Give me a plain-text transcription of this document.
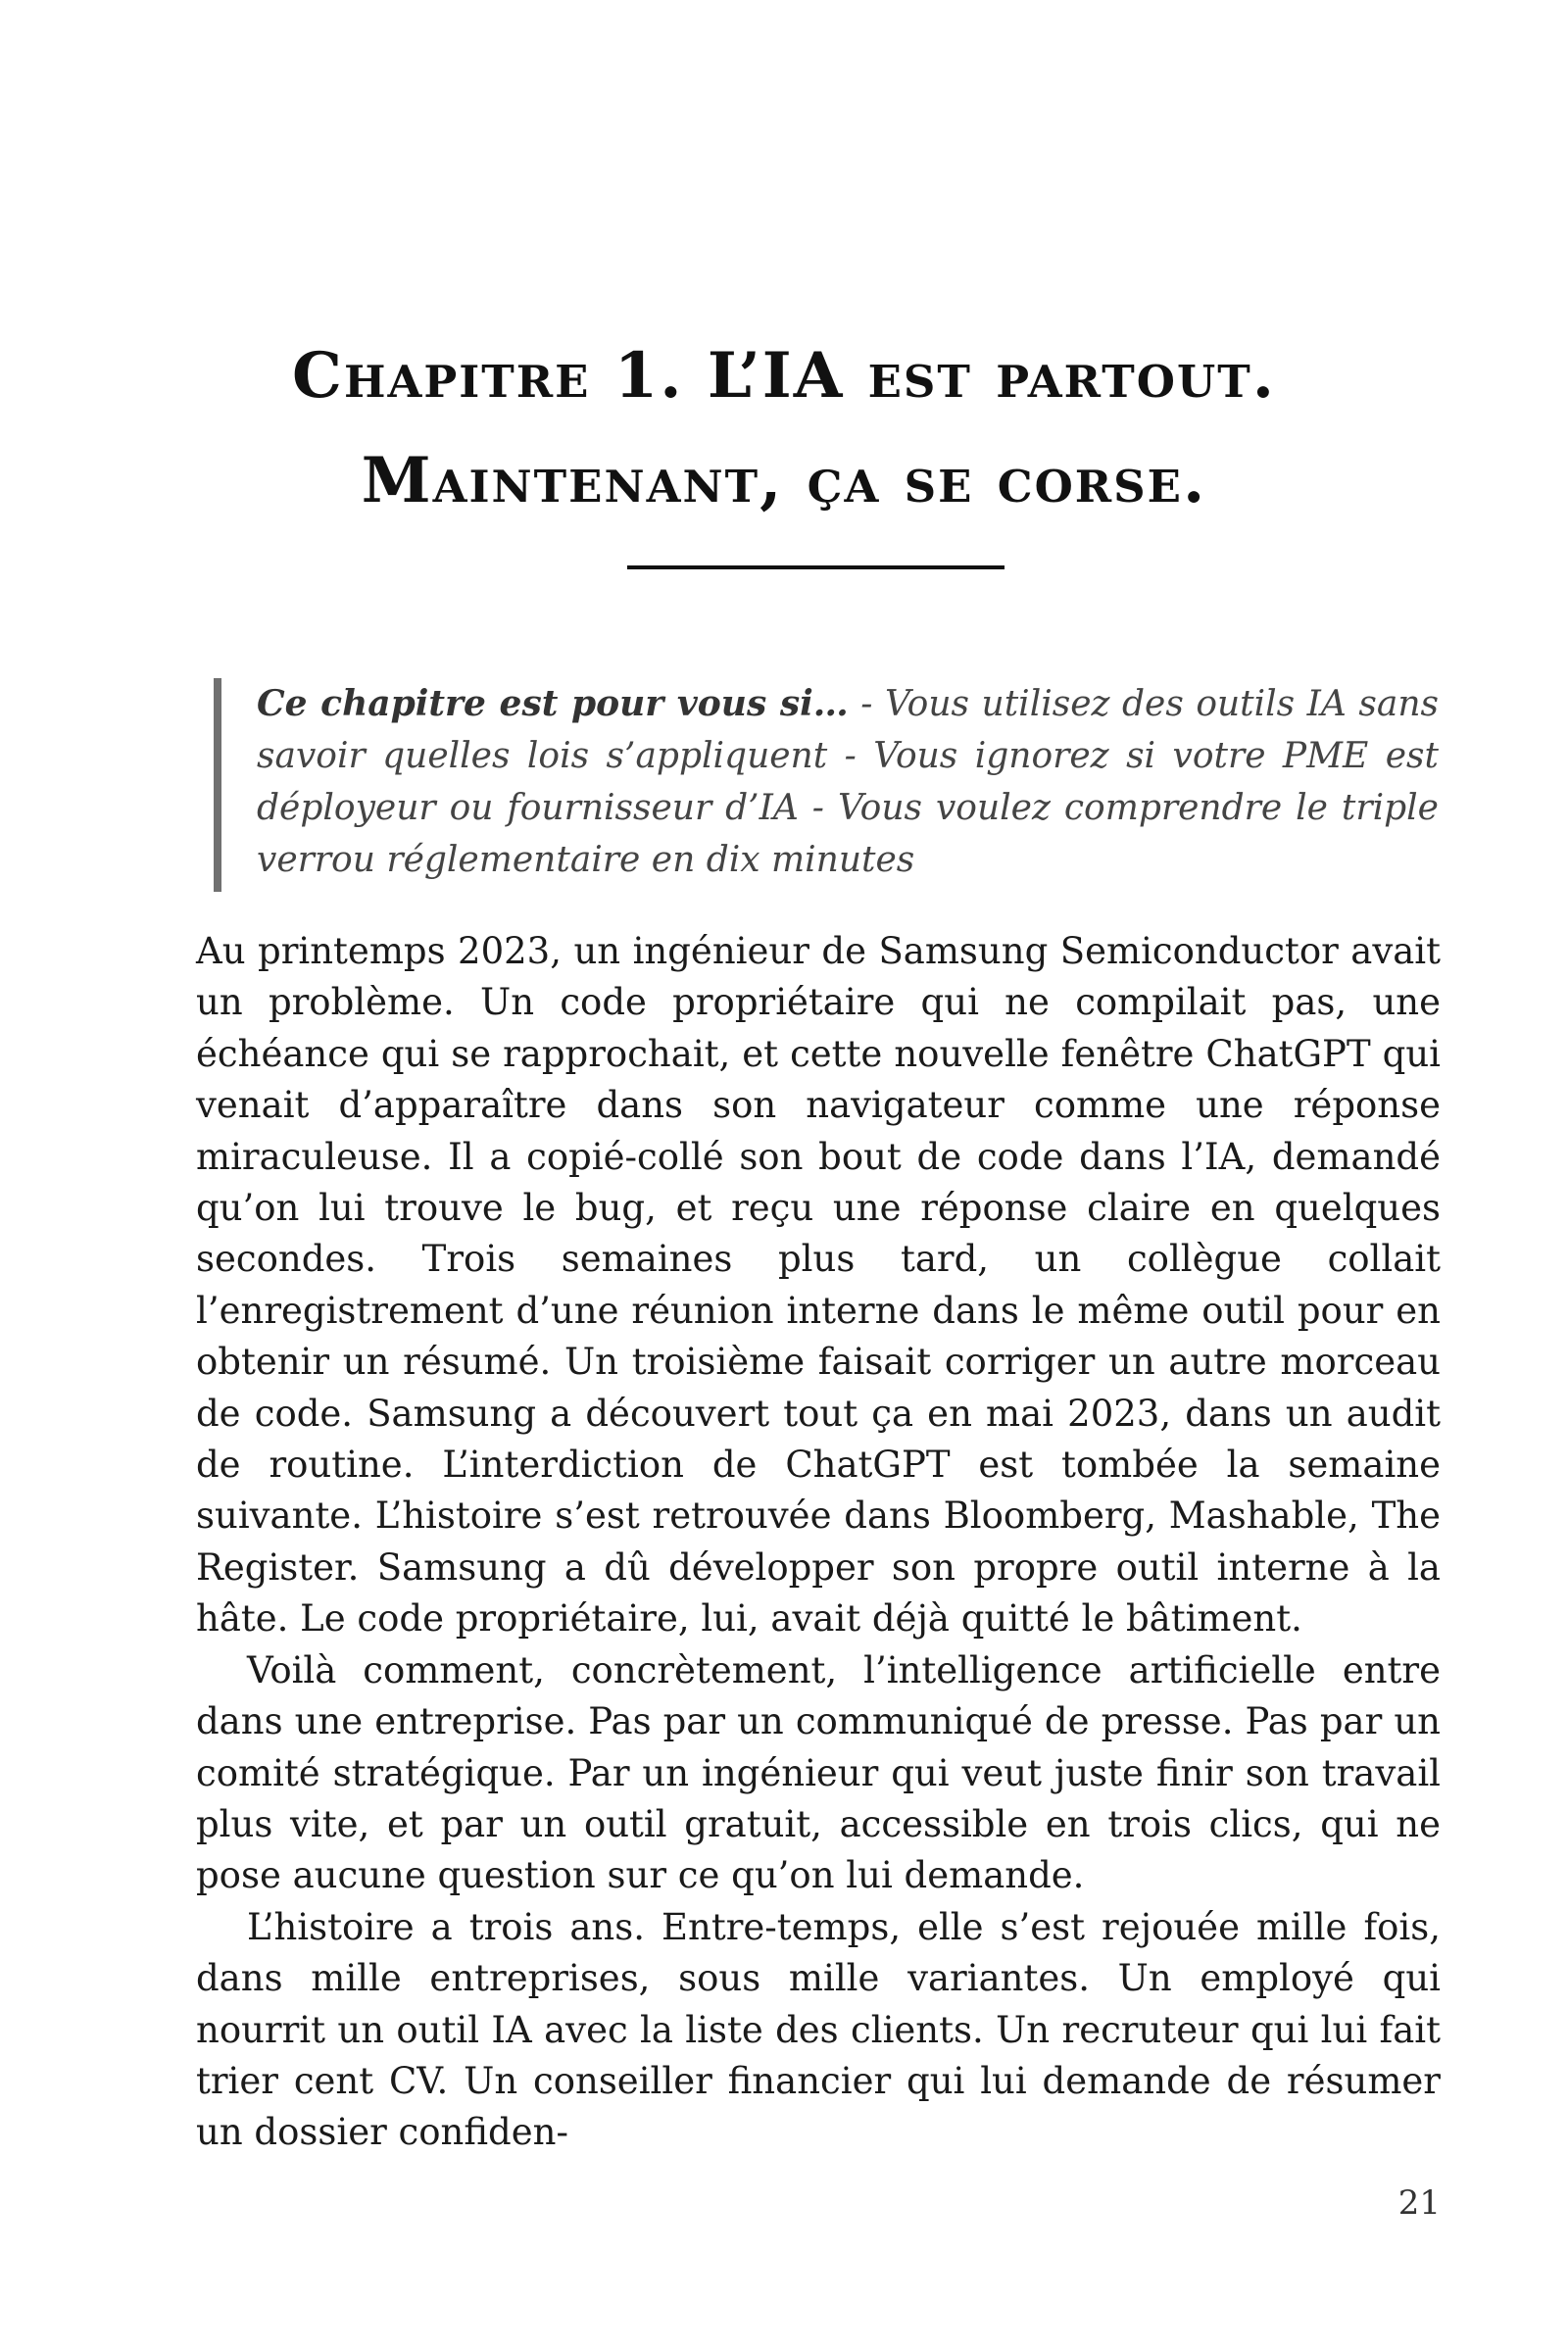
Chapitre 1. L’IA est partout.
Maintenant, ça se corse.

Ce chapitre est pour vous si… - Vous utilisez des outils IA sans savoir quelles lois s’appliquent - Vous ignorez si votre PME est déployeur ou fournisseur d’IA - Vous voulez comprendre le triple verrou réglementaire en dix minutes

Au printemps 2023, un ingénieur de Samsung Semiconductor avait un problème. Un code propriétaire qui ne compilait pas, une échéance qui se rapprochait, et cette nouvelle fenêtre ChatGPT qui venait d’apparaître dans son navigateur comme une réponse miraculeuse. Il a copié-collé son bout de code dans l’IA, demandé qu’on lui trouve le bug, et reçu une réponse claire en quelques secondes. Trois semaines plus tard, un collègue collait l’enregistrement d’une réunion interne dans le même outil pour en obtenir un résumé. Un troisième faisait corriger un autre morceau de code. Samsung a découvert tout ça en mai 2023, dans un audit de routine. L’interdiction de ChatGPT est tombée la semaine suivante. L’histoire s’est retrouvée dans Bloomberg, Mashable, The Register. Samsung a dû développer son propre outil interne à la hâte. Le code propriétaire, lui, avait déjà quitté le bâtiment.

Voilà comment, concrètement, l’intelligence artificielle entre dans une entreprise. Pas par un communiqué de presse. Pas par un comité stratégique. Par un ingénieur qui veut juste finir son travail plus vite, et par un outil gratuit, accessible en trois clics, qui ne pose aucune question sur ce qu’on lui demande.

L’histoire a trois ans. Entre-temps, elle s’est rejouée mille fois, dans mille entreprises, sous mille variantes. Un employé qui nourrit un outil IA avec la liste des clients. Un recruteur qui lui fait trier cent CV. Un conseiller financier qui lui demande de résumer un dossier confiden-

21
